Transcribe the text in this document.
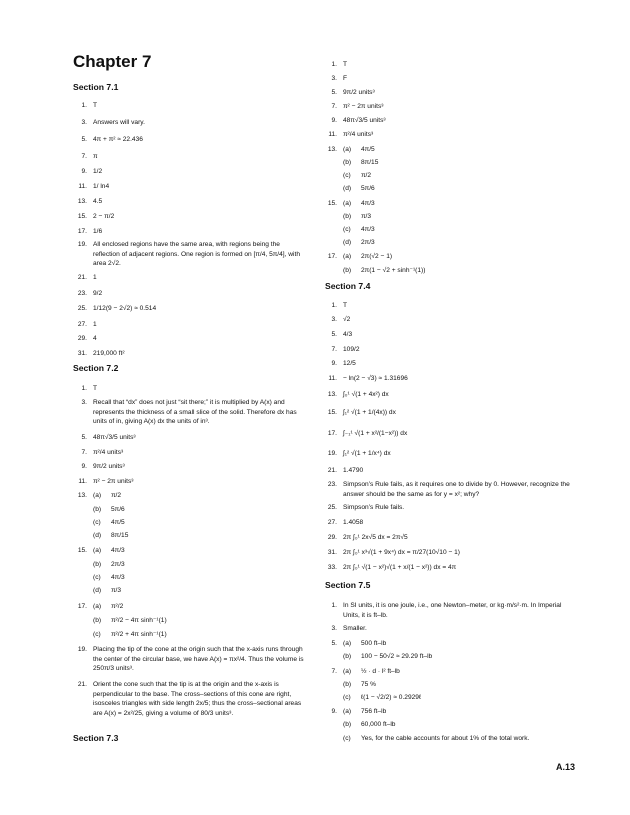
Chapter 7
Section 7.1
1. T
3. Answers will vary.
5. 4π + π² ≈ 22.436
7. π
9. 1/2
11. 1/ ln4
13. 4.5
15. 2 − π/2
17. 1/6
19. All enclosed regions have the same area, with regions being the reflection of adjacent regions. One region is formed on [π/4, 5π/4], with area 2√2.
21. 1
23. 9/2
25. 1/12(9 − 2√2) ≈ 0.514
27. 1
29. 4
31. 219,000 ft²
Section 7.2
1. T
3. Recall that “dx” does not just “sit there;” it is multiplied by A(x) and represents the thickness of a small slice of the solid. Therefore dx has units of in, giving A(x) dx the units of in³.
5. 48π√3/5 units³
7. π²/4 units³
9. 9π/2 units³
11. π² − 2π units³
13. (a) π/2
(b) 5π/6
(c) 4π/5
(d) 8π/15
15. (a) 4π/3
(b) 2π/3
(c) 4π/3
(d) π/3
17. (a) π²/2
(b) π²/2 − 4π sinh⁻¹(1)
(c) π²/2 + 4π sinh⁻¹(1)
19. Placing the tip of the cone at the origin such that the x-axis runs through the center of the circular base, we have A(x) = πx²/4. Thus the volume is 250π/3 units³.
21. Orient the cone such that the tip is at the origin and the x-axis is perpendicular to the base. The cross–sections of this cone are right, isosceles triangles with side length 2x/5; thus the cross–sectional areas are A(x) = 2x²/25, giving a volume of 80/3 units³.
Section 7.3
1. T
3. F
5. 9π/2 units³
7. π² − 2π units³
9. 48π√3/5 units³
11. π²/4 units³
13. (a) 4π/5
(b) 8π/15
(c) π/2
(d) 5π/6
15. (a) 4π/3
(b) π/3
(c) 4π/3
(d) 2π/3
17. (a) 2π(√2 − 1)
(b) 2π(1 − √2 + sinh⁻¹(1))
Section 7.4
1. T
3. √2
5. 4/3
7. 109/2
9. 12/5
11. − ln(2 − √3) ≈ 1.31696
13. ∫₀¹ √(1 + 4x²) dx
15. ∫₁² √(1 + 1/(4x)) dx
17. ∫₋₁¹ √(1 + x²/(1−x²)) dx
19. ∫₁² √(1 + 1/x⁴) dx
21. 1.4790
23. Simpson’s Rule fails, as it requires one to divide by 0. However, recognize the answer should be the same as for y = x²; why?
25. Simpson’s Rule fails.
27. 1.4058
29. 2π ∫₀¹ 2x√5 dx = 2π√5
31. 2π ∫₀¹ x³√(1 + 9x⁴) dx = π/27(10√10 − 1)
33. 2π ∫₀¹ √(1 − x²)√(1 + x/(1 − x²)) dx = 4π
Section 7.5
1. In SI units, it is one joule, i.e., one Newton–meter, or kg·m/s²·m. In Imperial Units, it is ft–lb.
3. Smaller.
5. (a) 500 ft–lb
(b) 100 − 50√2 ≈ 29.29 ft–lb
7. (a) ½ · d · l² ft–lb
(b) 75 %
(c) ℓ(1 − √2/2) ≈ 0.2929ℓ
9. (a) 756 ft–lb
(b) 60,000 ft–lb
(c) Yes, for the cable accounts for about 1% of the total work.
A.13
